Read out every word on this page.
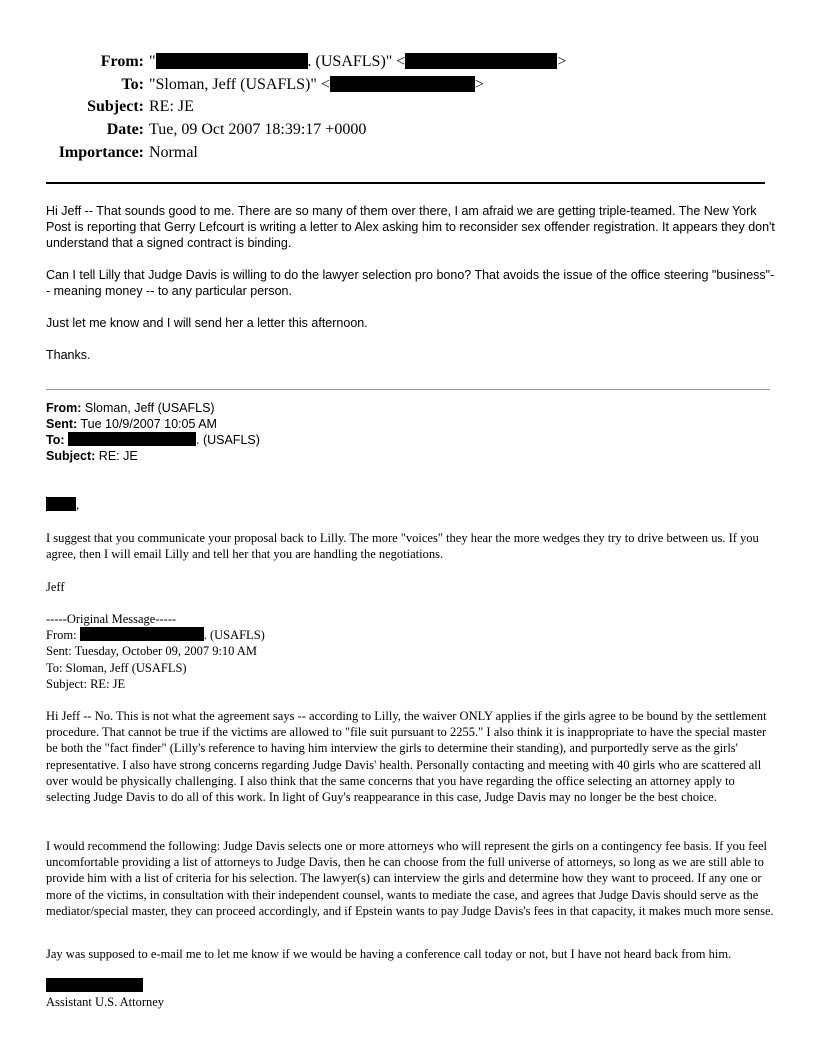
From: "	. (USAFLS)" <	>
To: "Sloman, Jeff (USAFLS)" <	>
Subject: RE: JE
Date: Tue, 09 Oct 2007 18:39:17 +0000
Importance: Normal

Hi Jeff -- That sounds good to me. There are so many of them over there, I am afraid we are getting triple-teamed. The New York Post is reporting that Gerry Lefcourt is writing a letter to Alex asking him to reconsider sex offender registration. It appears they don't understand that a signed contract is binding.

Can I tell Lilly that Judge Davis is willing to do the lawyer selection pro bono? That avoids the issue of the office steering "business"-- meaning money -- to any particular person.

Just let me know and I will send her a letter this afternoon.

Thanks.

From: Sloman, Jeff (USAFLS)
Sent: Tue 10/9/2007 10:05 AM
To:	. (USAFLS)
Subject: RE: JE
,

I suggest that you communicate your proposal back to Lilly. The more "voices" they hear the more wedges they try to drive between us. If you agree, then I will email Lilly and tell her that you are handling the negotiations.

Jeff
-----Original Message-----
From:	. (USAFLS)
Sent: Tuesday, October 09, 2007 9:10 AM
To: Sloman, Jeff (USAFLS)
Subject: RE: JE
Hi Jeff -- No. This is not what the agreement says -- according to Lilly, the waiver ONLY applies if the girls agree to be bound by the settlement procedure. That cannot be true if the victims are allowed to "file suit pursuant to 2255." I also think it is inappropriate to have the special master be both the "fact finder" (Lilly's reference to having him interview the girls to determine their standing), and purportedly serve as the girls' representative. I also have strong concerns regarding Judge Davis' health. Personally contacting and meeting with 40 girls who are scattered all over would be physically challenging. I also think that the same concerns that you have regarding the office selecting an attorney apply to selecting Judge Davis to do all of this work. In light of Guy's reappearance in this case, Judge Davis may no longer be the best choice.
I would recommend the following: Judge Davis selects one or more attorneys who will represent the girls on a contingency fee basis. If you feel uncomfortable providing a list of attorneys to Judge Davis, then he can choose from the full universe of attorneys, so long as we are still able to provide him with a list of criteria for his selection. The lawyer(s) can interview the girls and determine how they want to proceed. If any one or more of the victims, in consultation with their independent counsel, wants to mediate the case, and agrees that Judge Davis should serve as the mediator/special master, they can proceed accordingly, and if Epstein wants to pay Judge Davis's fees in that capacity, it makes much more sense.
Jay was supposed to e-mail me to let me know if we would be having a conference call today or not, but I have not heard back from him.
Assistant U.S. Attorney
